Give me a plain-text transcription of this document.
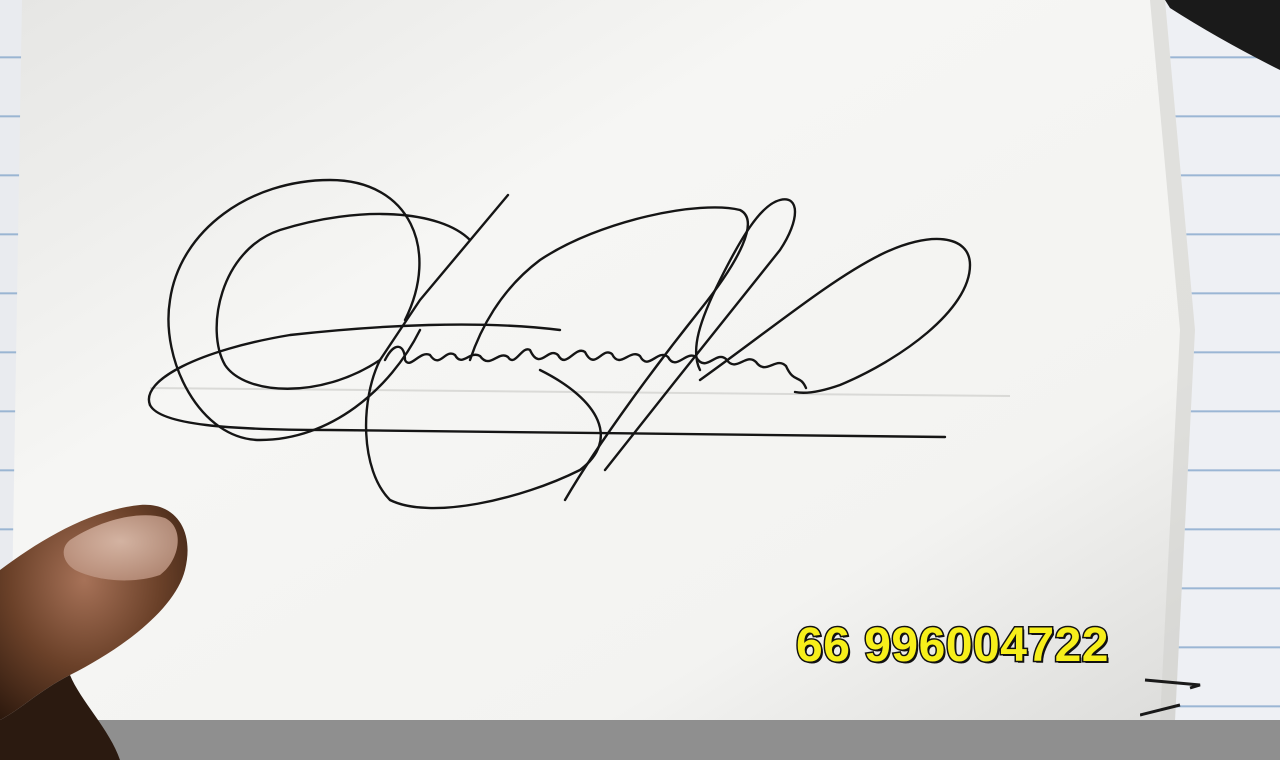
66 996004722
